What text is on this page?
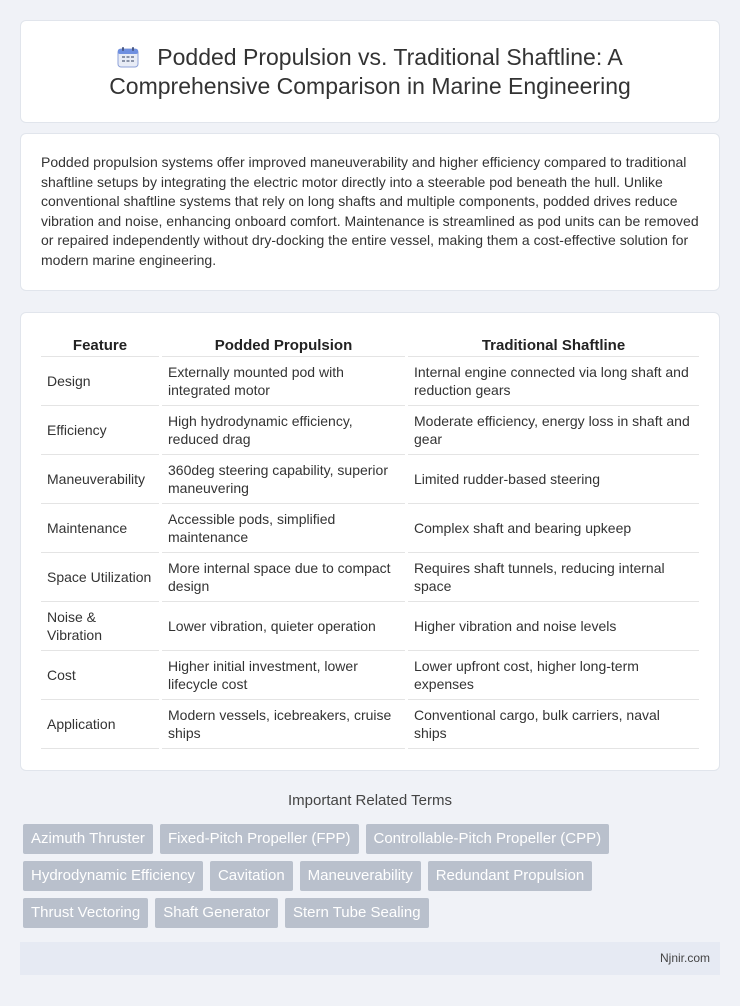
Podded Propulsion vs. Traditional Shaftline: A Comprehensive Comparison in Marine Engineering

Podded propulsion systems offer improved maneuverability and higher efficiency compared to traditional shaftline setups by integrating the electric motor directly into a steerable pod beneath the hull. Unlike conventional shaftline systems that rely on long shafts and multiple components, podded drives reduce vibration and noise, enhancing onboard comfort. Maintenance is streamlined as pod units can be removed or repaired independently without dry-docking the entire vessel, making them a cost-effective solution for modern marine engineering.

Feature	Podded Propulsion	Traditional Shaftline
Design	Externally mounted pod with integrated motor	Internal engine connected via long shaft and reduction gears
Efficiency	High hydrodynamic efficiency, reduced drag	Moderate efficiency, energy loss in shaft and gear
Maneuverability	360deg steering capability, superior maneuvering	Limited rudder-based steering
Maintenance	Accessible pods, simplified maintenance	Complex shaft and bearing upkeep
Space Utilization	More internal space due to compact design	Requires shaft tunnels, reducing internal space
Noise & Vibration	Lower vibration, quieter operation	Higher vibration and noise levels
Cost	Higher initial investment, lower lifecycle cost	Lower upfront cost, higher long-term expenses
Application	Modern vessels, icebreakers, cruise ships	Conventional cargo, bulk carriers, naval ships
Important Related Terms
Azimuth Thruster	Fixed-Pitch Propeller (FPP)	Controllable-Pitch Propeller (CPP)
Hydrodynamic Efficiency	Cavitation	Maneuverability	Redundant Propulsion
Thrust Vectoring	Shaft Generator	Stern Tube Sealing
Njnir.com
